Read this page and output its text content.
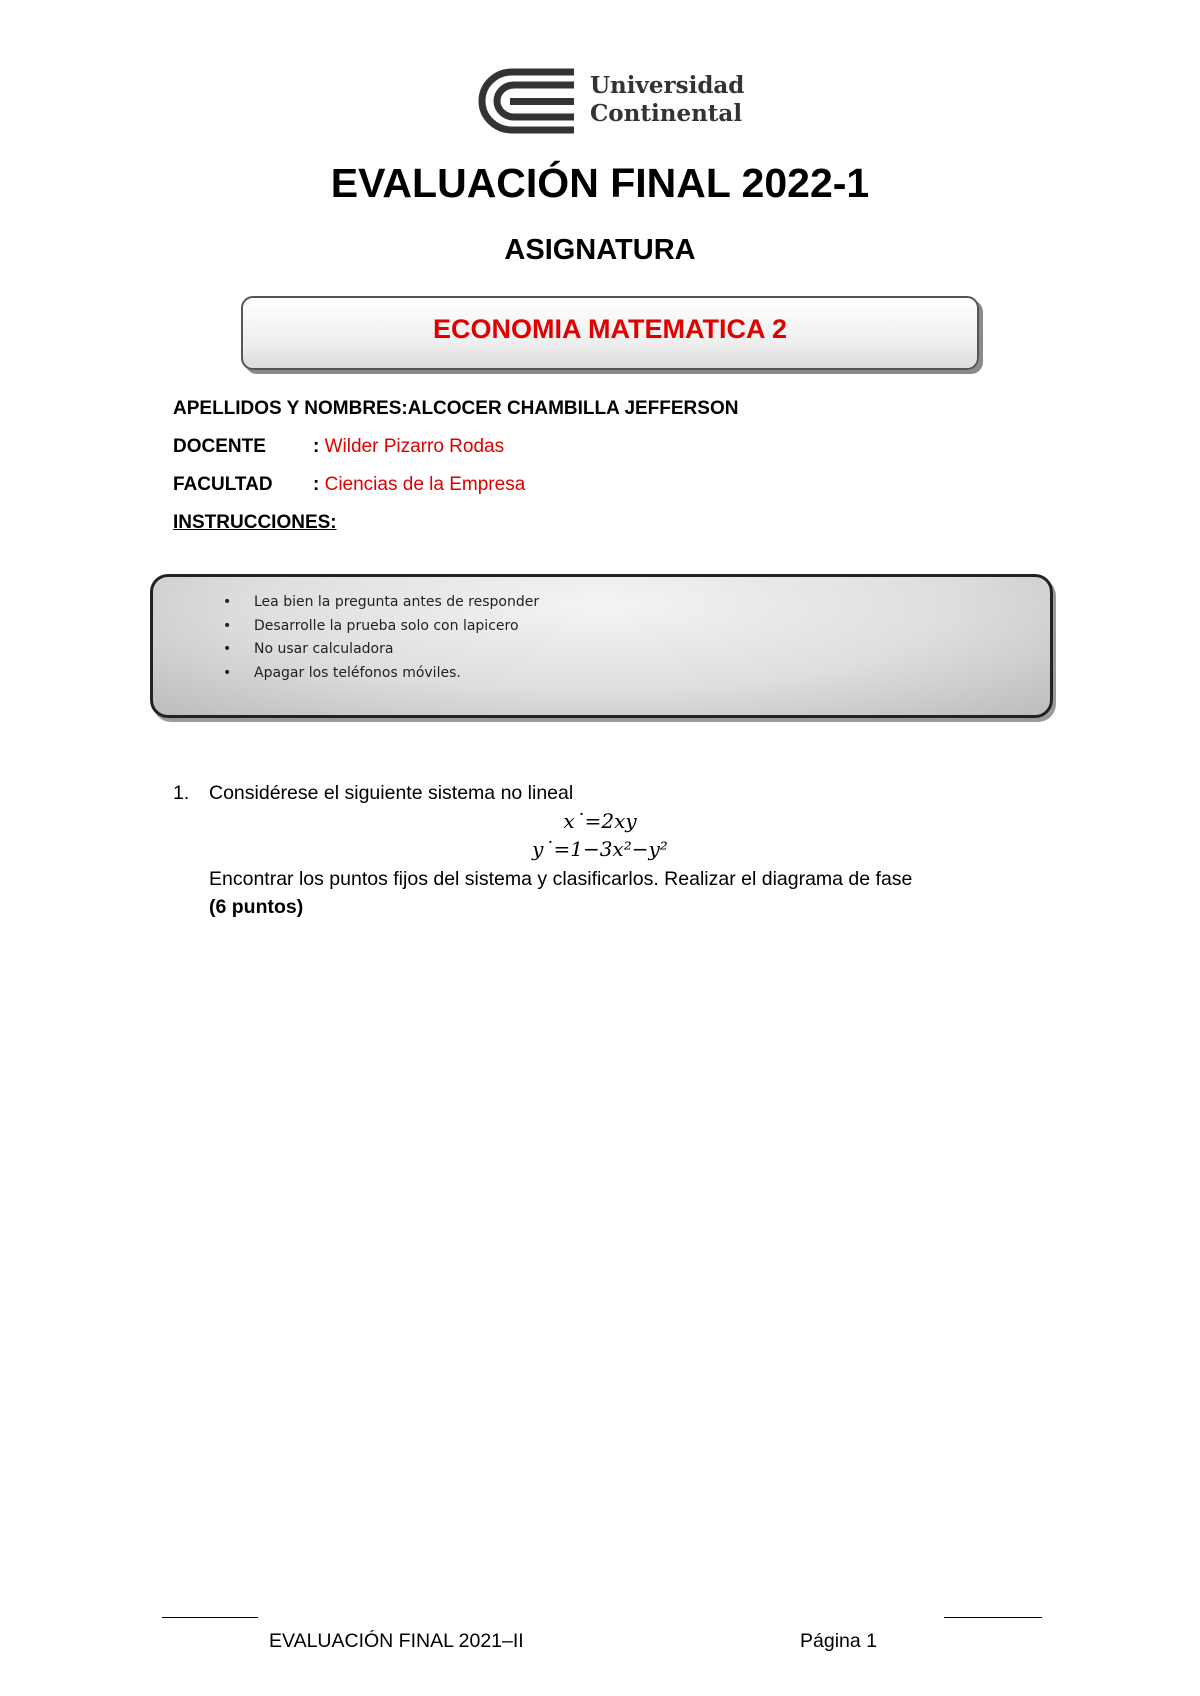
Universidad
Continental
EVALUACIÓN FINAL 2022-1
ASIGNATURA
ECONOMIA MATEMATICA 2
APELLIDOS Y NOMBRES:ALCOCER CHAMBILLA JEFFERSON
DOCENTE : Wilder Pizarro Rodas
FACULTAD : Ciencias de la Empresa
INSTRUCCIONES:
• Lea bien la pregunta antes de responder
• Desarrolle la prueba solo con lapicero
• No usar calculadora
• Apagar los teléfonos móviles.
1. Considérese el siguiente sistema no lineal
x˙=2xy
y˙=1−3x²−y²
Encontrar los puntos fijos del sistema y clasificarlos. Realizar el diagrama de fase
(6 puntos)
EVALUACIÓN FINAL 2021–II	Página 1
